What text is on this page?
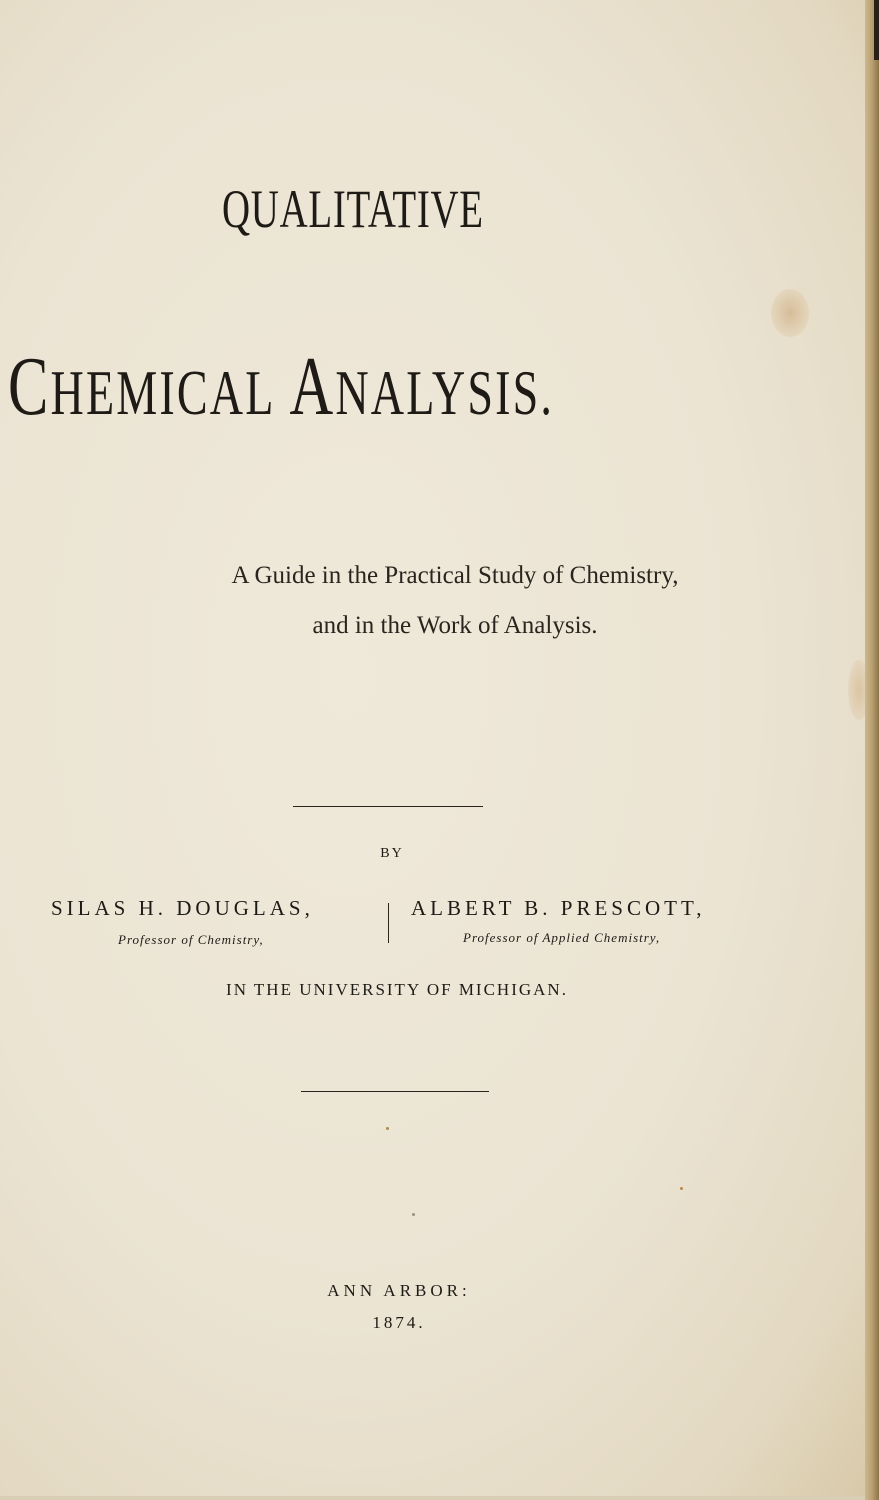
QUALITATIVE
CHEMICAL ANALYSIS.
A Guide in the Practical Study of Chemistry,
and in the Work of Analysis.
BY
SILAS H. DOUGLAS,
Professor of Chemistry,
ALBERT B. PRESCOTT,
Professor of Applied Chemistry,
IN THE UNIVERSITY OF MICHIGAN.
ANN ARBOR:
1874.
